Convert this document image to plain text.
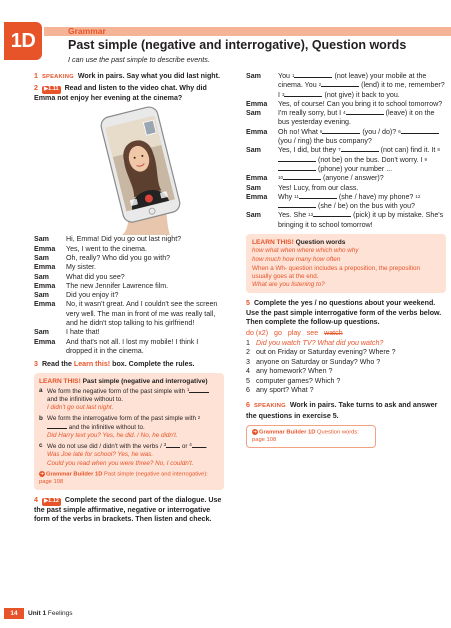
1D	Grammar
Past simple (negative and interrogative), Question words
I can use the past simple to describe events.
1 SPEAKING Work in pairs. Say what you did last night.
2 ▶1.11 Read and listen to the video chat. Why did Emma not enjoy her evening at the cinema?
Sam	Hi, Emma! Did you go out last night?
Emma	Yes, I went to the cinema.
Sam	Oh, really? Who did you go with?
Emma	My sister.
Sam	What did you see?
Emma	The new Jennifer Lawrence film.
Sam	Did you enjoy it?
Emma	No, it wasn't great. And I couldn't see the screen very well. The man in front of me was really tall, and he didn't stop talking to his girlfriend!
Sam	I hate that!
Emma	And that's not all. I lost my mobile! I think I dropped it in the cinema.
3 Read the Learn this! box. Complete the rules.
LEARN THIS! Past simple (negative and interrogative)
a We form the negative form of the past simple with $^1$ and the infinitive without to.
I didn't go out last night.
b We form the interrogative form of the past simple with $^2$ and the infinitive without to.
Did Harry text you? Yes, he did. / No, he didn't.
c We do not use did / didn't with the verbs / $^3$	or $^4$ .
Was Joe late for school? Yes, he was.
Could you read when you were three? No, I couldn't.
➜ Grammar Builder 1D Past simple (negative and interrogative): page 108
4 ▶1.12 Complete the second part of the dialogue. Use the past simple affirmative, negative or interrogative form of the verbs in brackets. Then listen and check.
Sam	You $^1$	(not leave) your mobile at the cinema. You $^2$	(lend) it to me, remember? I $^3$	(not give) it back to you.
Emma	Yes, of course! Can you bring it to school tomorrow?
Sam	I'm really sorry, but I $^4$	(leave) it on the bus yesterday evening.
Emma	Oh no! What $^5$	(you / do)? $^6$ (you / ring) the bus company?
Sam	Yes, I did, but they $^7$	(not can) find it. It $^8$ (not be) on the bus. Don't worry. I $^9$ (phone) your number ...
Emma	$^{10}$	(anyone / answer)?
Sam	Yes! Lucy, from our class.
Emma	Why $^{11}$	(she / have) my phone? $^{12}$ (she / be) on the bus with you?
Sam	Yes. She $^{13}$	(pick) it up by mistake. She's bringing it to school tomorrow!
LEARN THIS! Question words
how what when where which who why
how much how many how often
When a Wh- question includes a preposition, the preposition usually goes at the end.
What are you listening to?
5 Complete the yes / no questions about your weekend. Use the past simple interrogative form of the verbs below. Then complete the follow-up questions.
do (x2) go play see watch
1 Did you watch TV? What did you watch?
2 out on Friday or Saturday evening? Where ?
3 anyone on Saturday or Sunday? Who ?
4 any homework? When ?
5 computer games? Which ?
6 any sport? What ?
6 SPEAKING Work in pairs. Take turns to ask and answer the questions in exercise 5.
➜ Grammar Builder 1D Question words: page 108
14	Unit 1 Feelings
